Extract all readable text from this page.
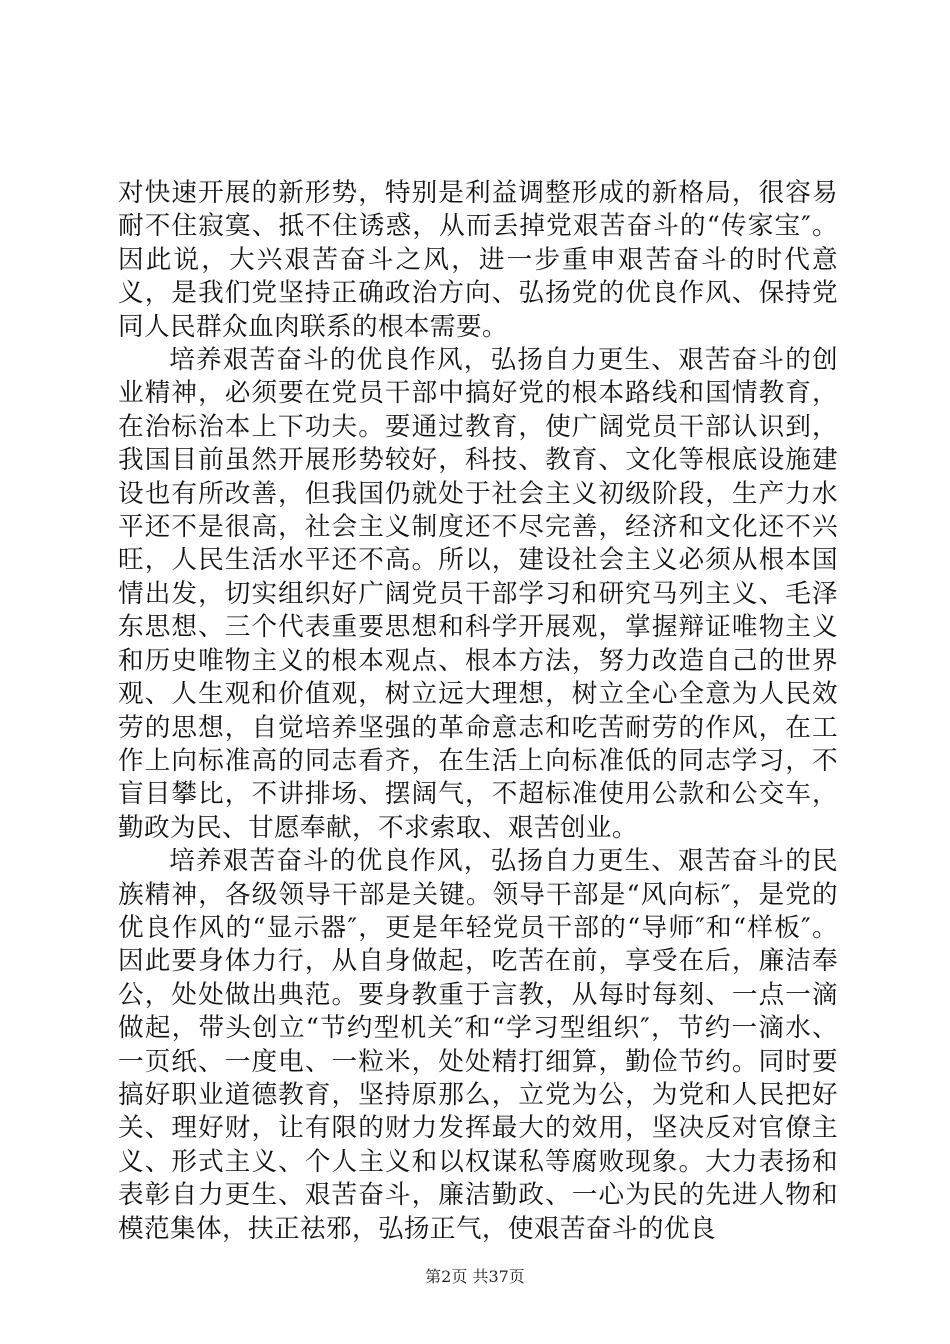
对快速开展的新形势，特别是利益调整形成的新格局，很容易耐不住寂寞、抵不住诱惑，从而丢掉党艰苦奋斗的“传家宝″。因此说，大兴艰苦奋斗之风，进一步重申艰苦奋斗的时代意义，是我们党坚持正确政治方向、弘扬党的优良作风、保持党同人民群众血肉联系的根本需要。

培养艰苦奋斗的优良作风，弘扬自力更生、艰苦奋斗的创业精神，必须要在党员干部中搞好党的根本路线和国情教育，在治标治本上下功夫。要通过教育，使广阔党员干部认识到，我国目前虽然开展形势较好，科技、教育、文化等根底设施建设也有所改善，但我国仍就处于社会主义初级阶段，生产力水平还不是很高，社会主义制度还不尽完善，经济和文化还不兴旺，人民生活水平还不高。所以，建设社会主义必须从根本国情出发，切实组织好广阔党员干部学习和研究马列主义、毛泽东思想、三个代表重要思想和科学开展观，掌握辩证唯物主义和历史唯物主义的根本观点、根本方法，努力改造自己的世界观、人生观和价值观，树立远大理想，树立全心全意为人民效劳的思想，自觉培养坚强的革命意志和吃苦耐劳的作风，在工作上向标准高的同志看齐，在生活上向标准低的同志学习，不盲目攀比，不讲排场、摆阔气，不超标准使用公款和公交车，勤政为民、甘愿奉献，不求索取、艰苦创业。

培养艰苦奋斗的优良作风，弘扬自力更生、艰苦奋斗的民族精神，各级领导干部是关键。领导干部是“风向标″，是党的优良作风的“显示器″，更是年轻党员干部的“导师″和“样板″。因此要身体力行，从自身做起，吃苦在前，享受在后，廉洁奉公，处处做出典范。要身教重于言教，从每时每刻、一点一滴做起，带头创立“节约型机关″和“学习型组织″，节约一滴水、一页纸、一度电、一粒米，处处精打细算，勤俭节约。同时要搞好职业道德教育，坚持原那么，立党为公，为党和人民把好关、理好财，让有限的财力发挥最大的效用，坚决反对官僚主义、形式主义、个人主义和以权谋私等腐败现象。大力表扬和表彰自力更生、艰苦奋斗，廉洁勤政、一心为民的先进人物和模范集体，扶正祛邪，弘扬正气，使艰苦奋斗的优良

第2页 共37页
